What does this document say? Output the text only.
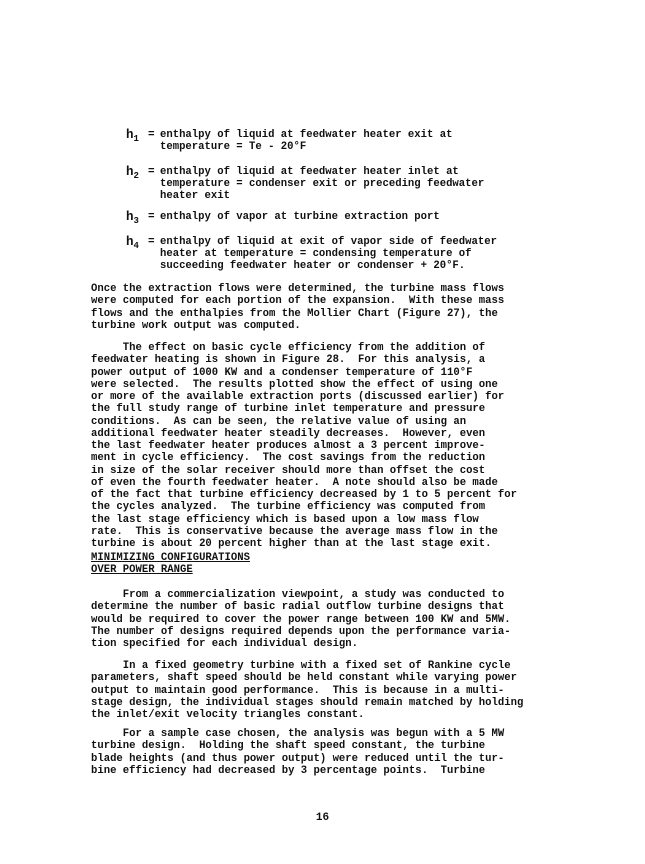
$h_1$ = enthalpy of liquid at feedwater heater exit at
temperature = Te - 20°F
$h_2$ = enthalpy of liquid at feedwater heater inlet at
temperature = condenser exit or preceding feedwater
heater exit
$h_3$ = enthalpy of vapor at turbine extraction port
$h_4$ = enthalpy of liquid at exit of vapor side of feedwater
heater at temperature = condensing temperature of
succeeding feedwater heater or condenser + 20°F.
Once the extraction flows were determined, the turbine mass flows
were computed for each portion of the expansion.  With these mass
flows and the enthalpies from the Mollier Chart (Figure 27), the
turbine work output was computed.
The effect on basic cycle efficiency from the addition of
feedwater heating is shown in Figure 28.  For this analysis, a
power output of 1000 KW and a condenser temperature of 110°F
were selected.  The results plotted show the effect of using one
or more of the available extraction ports (discussed earlier) for
the full study range of turbine inlet temperature and pressure
conditions.  As can be seen, the relative value of using an
additional feedwater heater steadily decreases.  However, even
the last feedwater heater produces almost a 3 percent improve-
ment in cycle efficiency.  The cost savings from the reduction
in size of the solar receiver should more than offset the cost
of even the fourth feedwater heater.  A note should also be made
of the fact that turbine efficiency decreased by 1 to 5 percent for
the cycles analyzed.  The turbine efficiency was computed from
the last stage efficiency which is based upon a low mass flow
rate.  This is conservative because the average mass flow in the
turbine is about 20 percent higher than at the last stage exit.
MINIMIZING CONFIGURATIONS
OVER POWER RANGE
From a commercialization viewpoint, a study was conducted to
determine the number of basic radial outflow turbine designs that
would be required to cover the power range between 100 KW and 5MW.
The number of designs required depends upon the performance varia-
tion specified for each individual design.
In a fixed geometry turbine with a fixed set of Rankine cycle
parameters, shaft speed should be held constant while varying power
output to maintain good performance.  This is because in a multi-
stage design, the individual stages should remain matched by holding
the inlet/exit velocity triangles constant.
For a sample case chosen, the analysis was begun with a 5 MW
turbine design.  Holding the shaft speed constant, the turbine
blade heights (and thus power output) were reduced until the tur-
bine efficiency had decreased by 3 percentage points.  Turbine
16
